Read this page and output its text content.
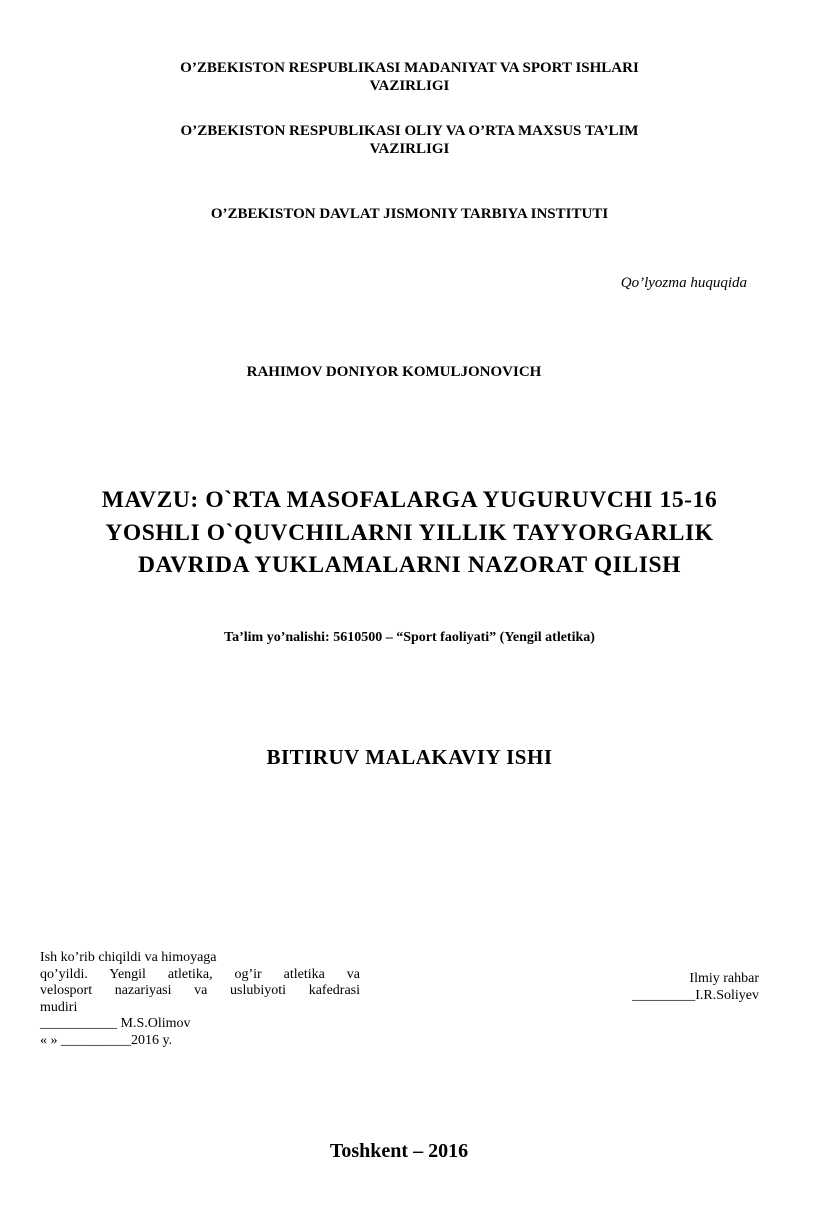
O’ZBEKISTON RESPUBLIKASI MADANIYAT VA SPORT ISHLARI
VAZIRLIGI
O’ZBEKISTON RESPUBLIKASI OLIY VA O’RTA MAXSUS TA’LIM
VAZIRLIGI
O’ZBEKISTON DAVLAT JISMONIY TARBIYA INSTITUTI
Qo’lyozma huquqida
RAHIMOV DONIYOR KOMULJONOVICH
MAVZU: O`RTA MASOFALARGA YUGURUVCHI 15-16
YOSHLI O`QUVCHILARNI YILLIK TAYYORGARLIK
DAVRIDA YUKLAMALARNI NAZORAT QILISH
Ta’lim yo’nalishi: 5610500 – “Sport faoliyati” (Yengil atletika)
BITIRUV MALAKAVIY ISHI
Ish ko’rib chiqildi va himoyaga
qo’yildi. Yengil atletika, og’ir atletika va
velosport nazariyasi va uslubiyoti kafedrasi
mudiri
___________ M.S.Olimov
« » __________2016 y.
Ilmiy rahbar
_________I.R.Soliyev
Toshkent – 2016
